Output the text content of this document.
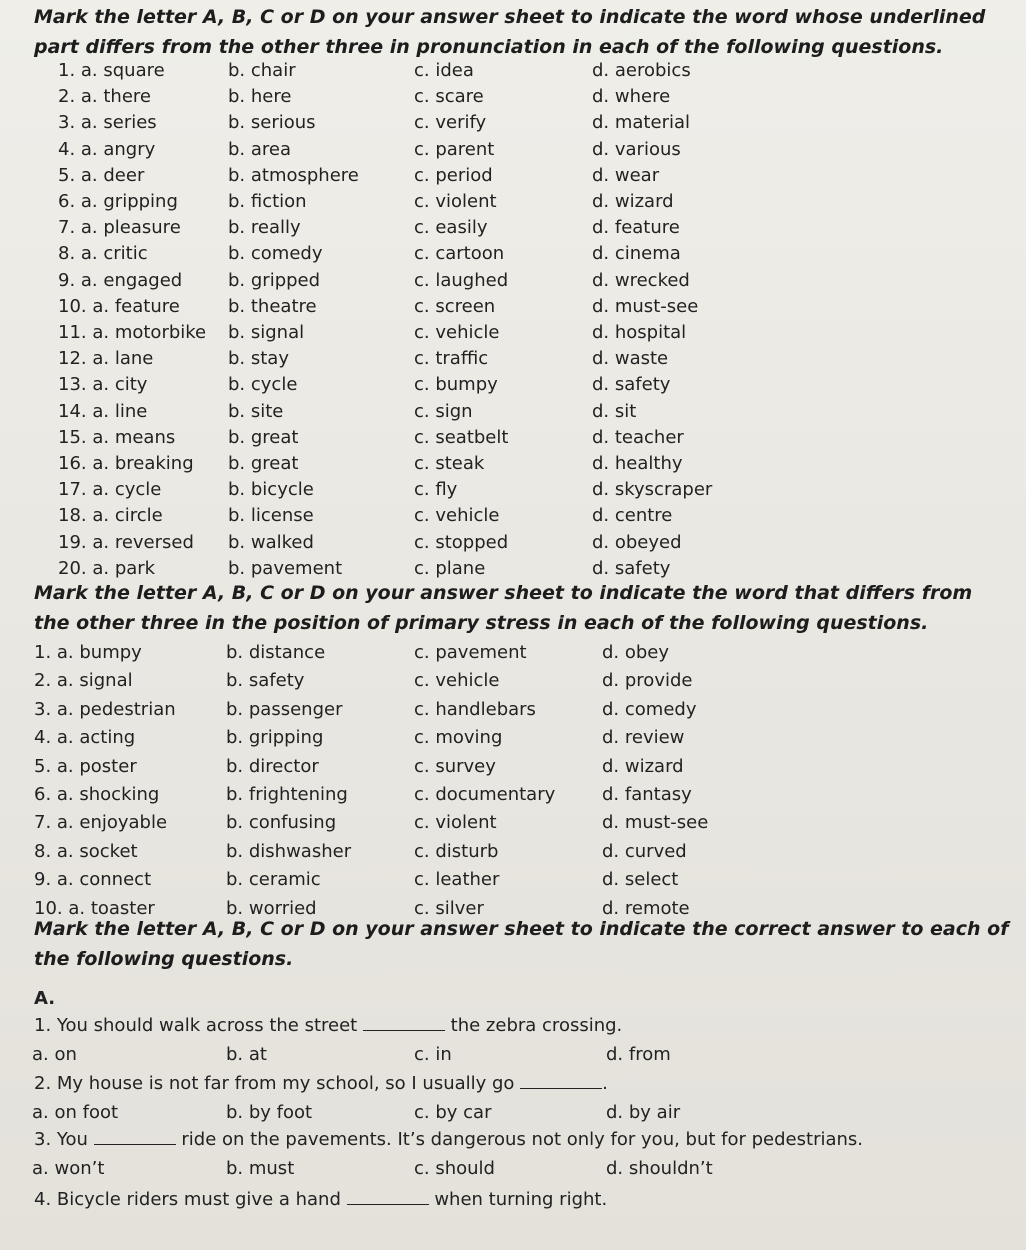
Mark the letter A, B, C or D on your answer sheet to indicate the word whose underlined part differs from the other three in pronunciation in each of the following questions.
1. a. square	b. chair	c. idea	d. aerobics
2. a. there	b. here	c. scare	d. where
3. a. series	b. serious	c. verify	d. material
4. a. angry	b. area	c. parent	d. various
5. a. deer	b. atmosphere	c. period	d. wear
6. a. gripping	b. fiction	c. violent	d. wizard
7. a. pleasure	b. really	c. easily	d. feature
8. a. critic	b. comedy	c. cartoon	d. cinema
9. a. engaged	b. gripped	c. laughed	d. wrecked
10. a. feature	b. theatre	c. screen	d. must-see
11. a. motorbike b. signal	c. vehicle	d. hospital
12. a. lane	b. stay	c. traffic	d. waste
13. a. city	b. cycle	c. bumpy	d. safety
14. a. line	b. site	c. sign	d. sit
15. a. means	b. great	c. seatbelt	d. teacher
16. a. breaking b. great	c. steak	d. healthy
17. a. cycle	b. bicycle	c. fly	d. skyscraper
18. a. circle	b. license	c. vehicle	d. centre
19. a. reversed b. walked	c. stopped	d. obeyed
20. a. park	b. pavement	c. plane	d. safety
Mark the letter A, B, C or D on your answer sheet to indicate the word that differs from the other three in the position of primary stress in each of the following questions.
1. a. bumpy	b. distance	c. pavement	d. obey
2. a. signal	b. safety	c. vehicle	d. provide
3. a. pedestrian	b. passenger	c. handlebars	d. comedy
4. a. acting	b. gripping	c. moving	d. review
5. a. poster	b. director	c. survey	d. wizard
6. a. shocking	b. frightening	c. documentary	d. fantasy
7. a. enjoyable	b. confusing	c. violent	d. must-see
8. a. socket	b. dishwasher	c. disturb	d. curved
9. a. connect	b. ceramic	c. leather	d. select
10. a. toaster	b. worried	c. silver	d. remote
Mark the letter A, B, C or D on your answer sheet to indicate the correct answer to each of the following questions.
A.
1. You should walk across the street	the zebra crossing.
a. on	b. at	c. in	d. from
2. My house is not far from my school, so I usually go	.
a. on foot	b. by foot	c. by car	d. by air
3. You	ride on the pavements. It’s dangerous not only for you, but for pedestrians.
a. won’t	b. must	c. should	d. shouldn’t
4. Bicycle riders must give a hand	when turning right.
